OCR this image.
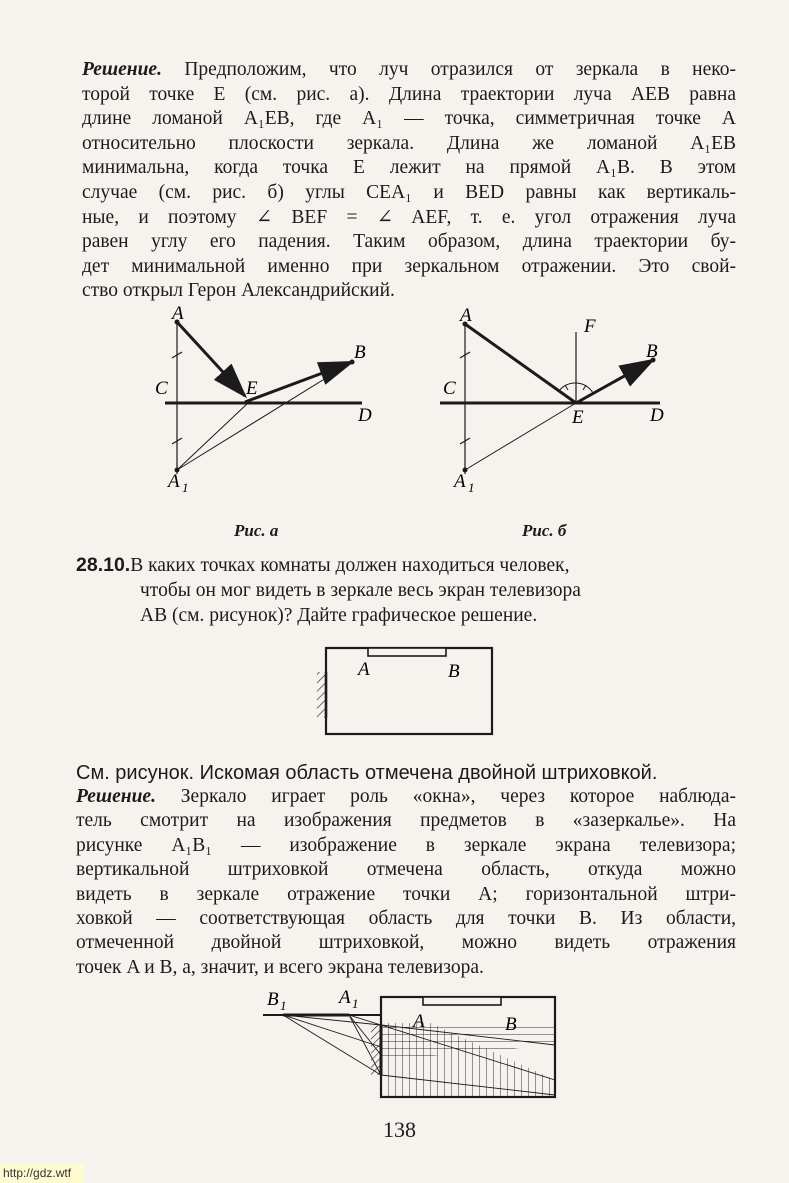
Решение. Предположим, что луч отразился от зеркала в неко-
торой точке E (см. рис. а). Длина траектории луча AEB равна
длине ломаной A₁EB, где A₁ — точка, симметричная точке A
относительно плоскости зеркала. Длина же ломаной A₁EB
минимальна, когда точка E лежит на прямой A₁B. В этом
случае (см. рис. б) углы CEA₁ и BED равны как вертикаль-
ные, и поэтому ∠ BEF = ∠ AEF, т. е. угол отражения луча
равен углу его падения. Таким образом, длина траектории бу-
дет минимальной именно при зеркальном отражении. Это свой-
ство открыл Герон Александрийский.
A
B
C	E
D
A 1
Рис. а
A
F
B
C
E	D
A 1
Рис. б
28.10.В каких точках комнаты должен находиться человек,
чтобы он мог видеть в зеркале весь экран телевизора
AB (см. рисунок)? Дайте графическое решение.
A	B
См. рисунок. Искомая область отмечена двойной штриховкой.
Решение. Зеркало играет роль «окна», через которое наблюда-
тель смотрит на изображения предметов в «зазеркалье». На
рисунке A₁B₁ — изображение в зеркале экрана телевизора;
вертикальной штриховкой отмечена область, откуда можно
видеть в зеркале отражение точки A; горизонтальной штри-
ховкой — соответствующая область для точки B. Из области,
отмеченной двойной штриховкой, можно видеть отражения
точек A и B, а, значит, и всего экрана телевизора.
B 1	A 1
A	B
138
http://gdz.wtf
